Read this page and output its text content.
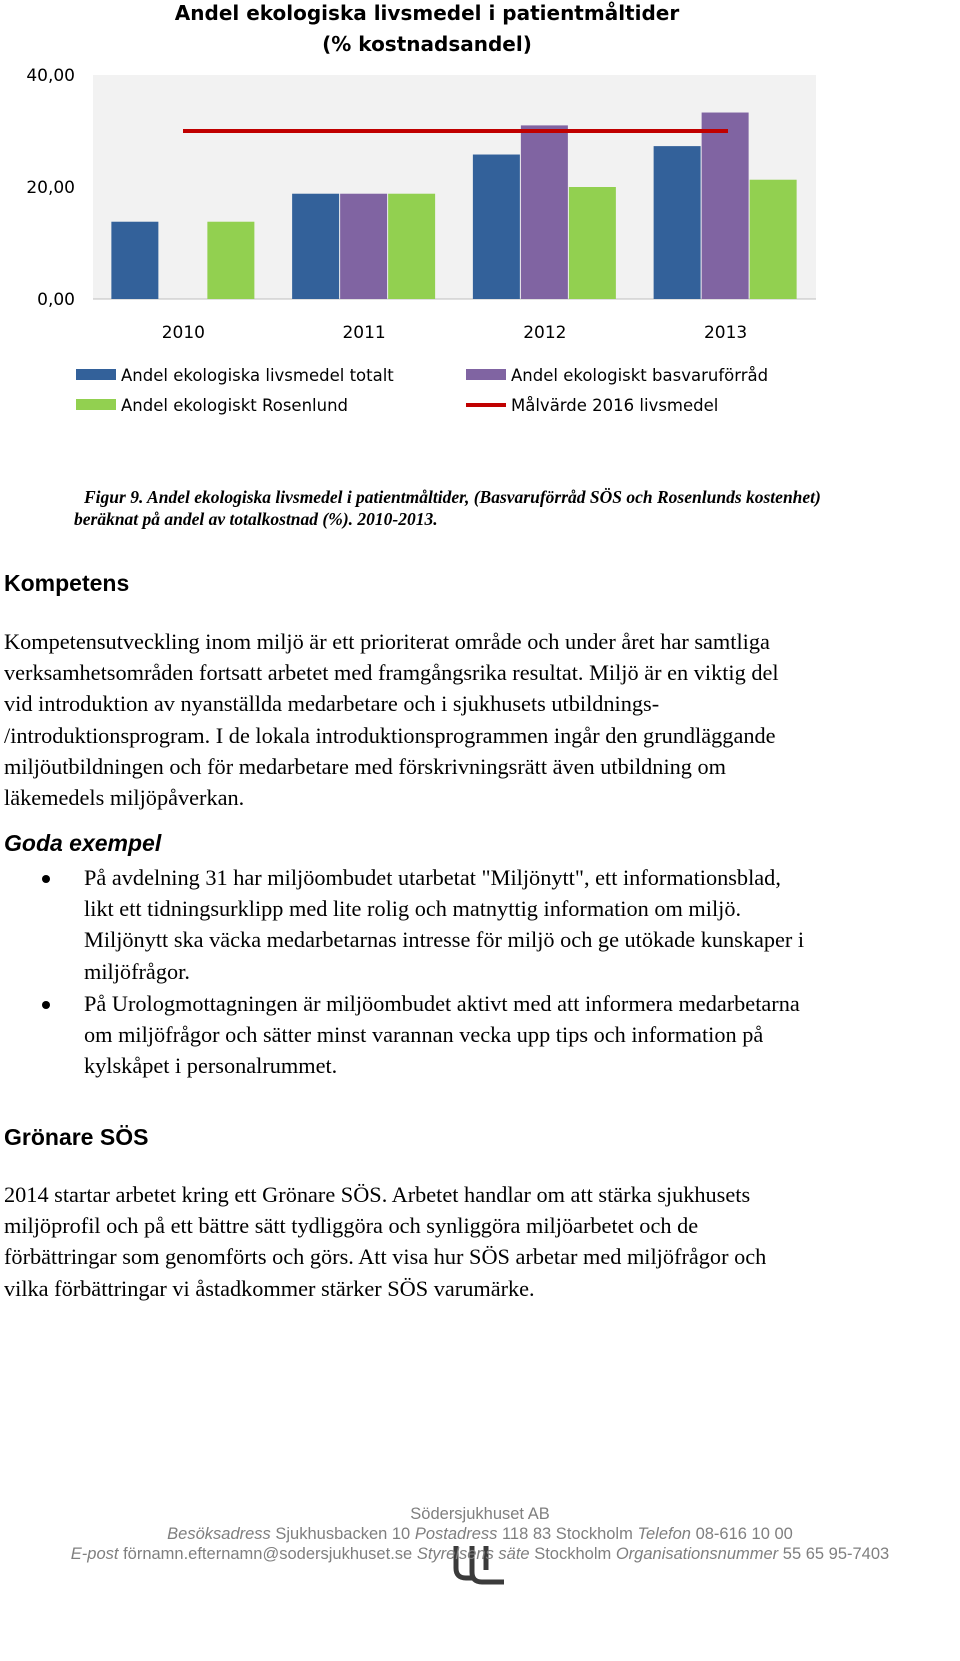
Andel ekologiska livsmedel i patientmåltider
(% kostnadsandel)
40,00
20,00
0,00
2010	2011	2012	2013
Andel ekologiska livsmedel totalt	Andel ekologiskt basvaruförråd
Andel ekologiskt Rosenlund	Målvärde 2016 livsmedel
Figur 9. Andel ekologiska livsmedel i patientmåltider, (Basvaruförråd SÖS och Rosenlunds kostenhet)
beräknat på andel av totalkostnad (%). 2010-2013.
Kompetens
Kompetensutveckling inom miljö är ett prioriterat område och under året har samtliga
verksamhetsområden fortsatt arbetet med framgångsrika resultat. Miljö är en viktig del
vid introduktion av nyanställda medarbetare och i sjukhusets utbildnings-
/introduktionsprogram. I de lokala introduktionsprogrammen ingår den grundläggande
miljöutbildningen och för medarbetare med förskrivningsrätt även utbildning om
läkemedels miljöpåverkan.
Goda exempel
På avdelning 31 har miljöombudet utarbetat "Miljönytt", ett informationsblad,
likt ett tidningsurklipp med lite rolig och matnyttig information om miljö.
Miljönytt ska väcka medarbetarnas intresse för miljö och ge utökade kunskaper i
miljöfrågor.
På Urologmottagningen är miljöombudet aktivt med att informera medarbetarna
om miljöfrågor och sätter minst varannan vecka upp tips och information på
kylskåpet i personalrummet.
Grönare SÖS
2014 startar arbetet kring ett Grönare SÖS. Arbetet handlar om att stärka sjukhusets
miljöprofil och på ett bättre sätt tydliggöra och synliggöra miljöarbetet och de
förbättringar som genomförts och görs. Att visa hur SÖS arbetar med miljöfrågor och
vilka förbättringar vi åstadkommer stärker SÖS varumärke.
Södersjukhuset AB
Besöksadress Sjukhusbacken 10 Postadress 118 83 Stockholm Telefon 08-616 10 00
E-post förnamn.efternamn@sodersjukhuset.se Styrelsens säte Stockholm Organisationsnummer 55 65 95-7403
